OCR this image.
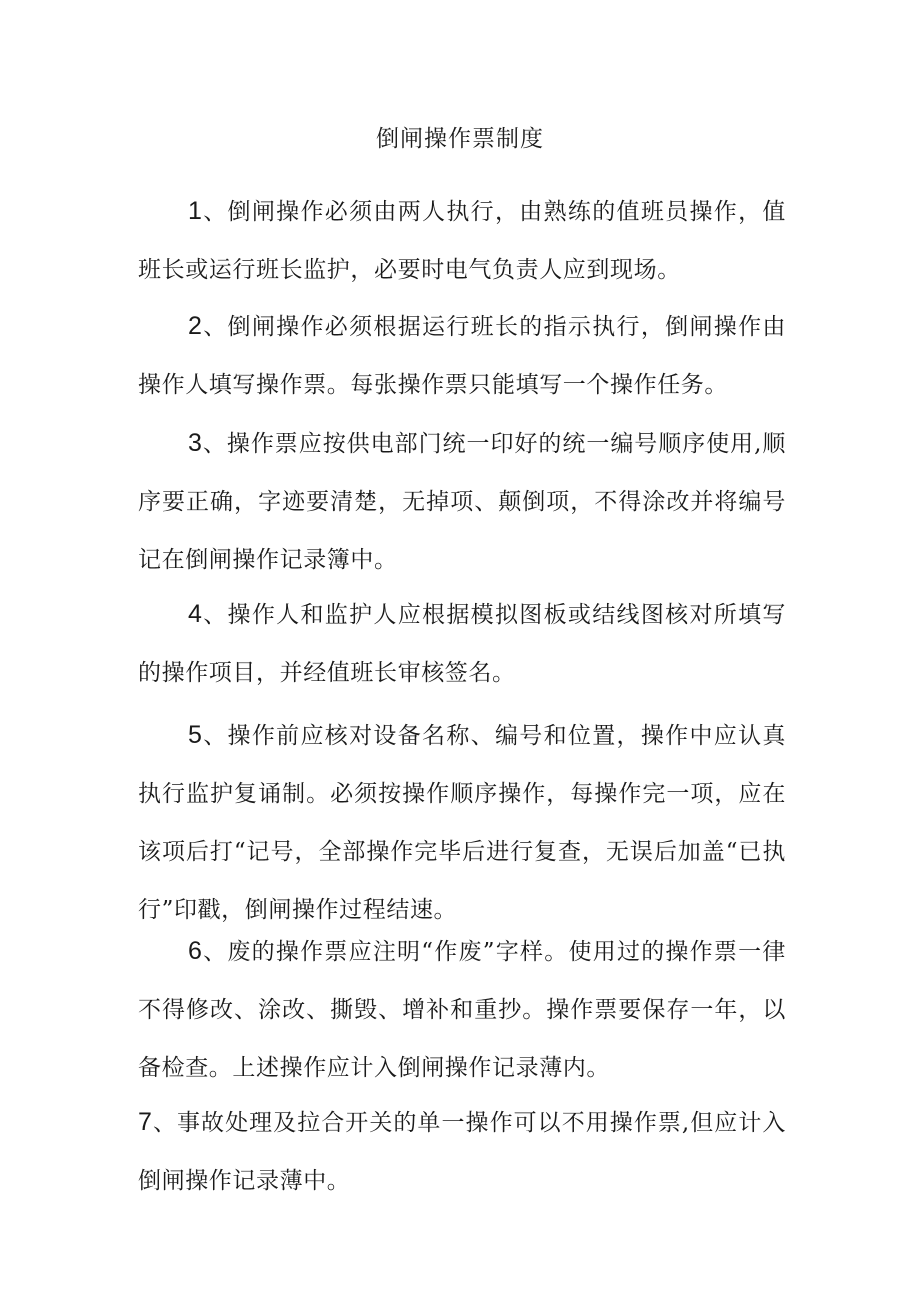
倒闸操作票制度

1、倒闸操作必须由两人执行，由熟练的值班员操作，值班长或运行班长监护，必要时电气负责人应到现场。

2、倒闸操作必须根据运行班长的指示执行，倒闸操作由操作人填写操作票。每张操作票只能填写一个操作任务。

3、操作票应按供电部门统一印好的统一编号顺序使用,顺序要正确，字迹要清楚，无掉项、颠倒项，不得涂改并将编号记在倒闸操作记录簿中。

4、操作人和监护人应根据模拟图板或结线图核对所填写的操作项目，并经值班长审核签名。

5、操作前应核对设备名称、编号和位置，操作中应认真执行监护复诵制。必须按操作顺序操作，每操作完一项，应在该项后打“记号，全部操作完毕后进行复查，无误后加盖“已执行”印戳，倒闸操作过程结速。

6、废的操作票应注明“作废”字样。使用过的操作票一律不得修改、涂改、撕毁、增补和重抄。操作票要保存一年，以备检查。上述操作应计入倒闸操作记录薄内。

7、事故处理及拉合开关的单一操作可以不用操作票,但应计入倒闸操作记录薄中。
